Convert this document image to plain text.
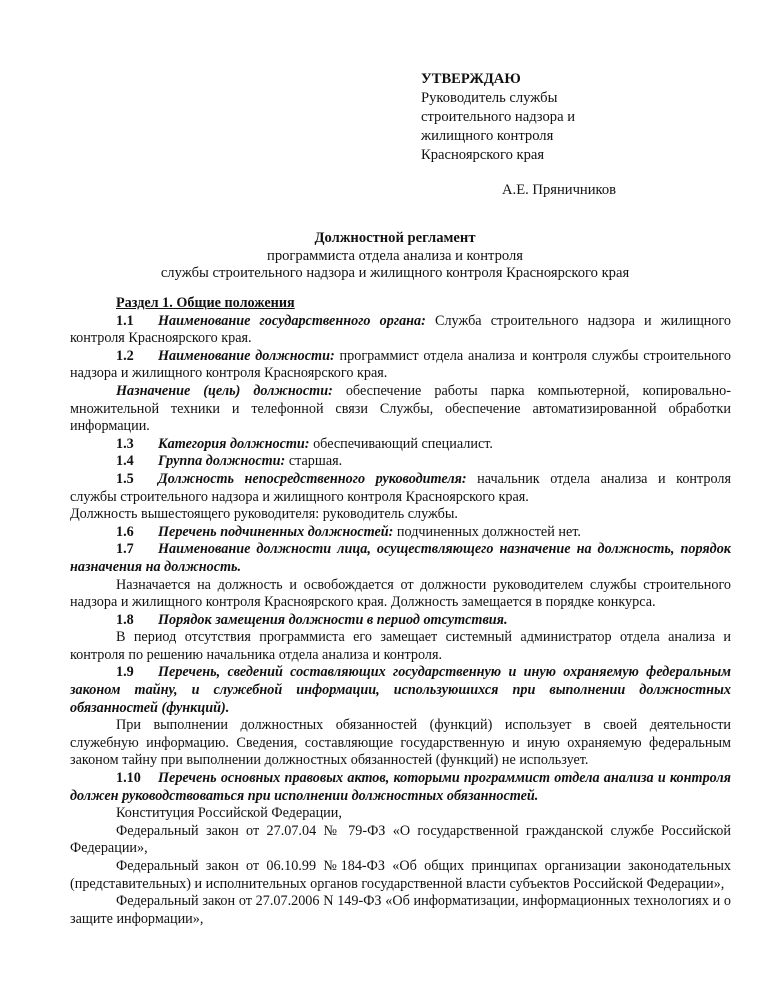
УТВЕРЖДАЮ
Руководитель службы
строительного надзора и
жилищного контроля
Красноярского края
А.Е. Пряничников
Должностной регламент
программиста отдела анализа и контроля
службы строительного надзора и жилищного контроля Красноярского края

Раздел 1. Общие положения

1.1 Наименование государственного органа: Служба строительного надзора и жилищного контроля Красноярского края.

1.2 Наименование должности: программист отдела анализа и контроля службы строительного надзора и жилищного контроля Красноярского края.

Назначение (цель) должности: обеспечение работы парка компьютерной, копировально-множительной техники и телефонной связи Службы, обеспечение автоматизированной обработки информации.

1.3 Категория должности: обеспечивающий специалист.

1.4 Группа должности: старшая.

1.5 Должность непосредственного руководителя: начальник отдела анализа и контроля службы строительного надзора и жилищного контроля Красноярского края.

Должность вышестоящего руководителя: руководитель службы.

1.6 Перечень подчиненных должностей: подчиненных должностей нет.

1.7 Наименование должности лица, осуществляющего назначение на должность, порядок назначения на должность.

Назначается на должность и освобождается от должности руководителем службы строительного надзора и жилищного контроля Красноярского края. Должность замещается в порядке конкурса.

1.8 Порядок замещения должности в период отсутствия.

В период отсутствия программиста его замещает системный администратор отдела анализа и контроля по решению начальника отдела анализа и контроля.

1.9 Перечень, сведений составляющих государственную и иную охраняемую федеральным законом тайну, и служебной информации, используюшихся при выполнении должностных обязанностей (функций).

При выполнении должностных обязанностей (функций) использует в своей деятельности служебную информацию. Сведения, составляющие государственную и иную охраняемую федеральным законом тайну при выполнении должностных обязанностей (функций) не использует.

1.10 Перечень основных правовых актов, которыми программист отдела анализа и контроля должен руководствоваться при исполнении должностных обязанностей.

Конституция Российской Федерации,

Федеральный закон от 27.07.04 № 79-ФЗ «О государственной гражданской службе Российской Федерации»,

Федеральный закон от 06.10.99 №184-ФЗ «Об общих принципах организации законодательных (представительных) и исполнительных органов государственной власти субъектов Российской Федерации»,

Федеральный закон от 27.07.2006 N 149-ФЗ «Об информатизации, информационных технологиях и о защите информации»,
